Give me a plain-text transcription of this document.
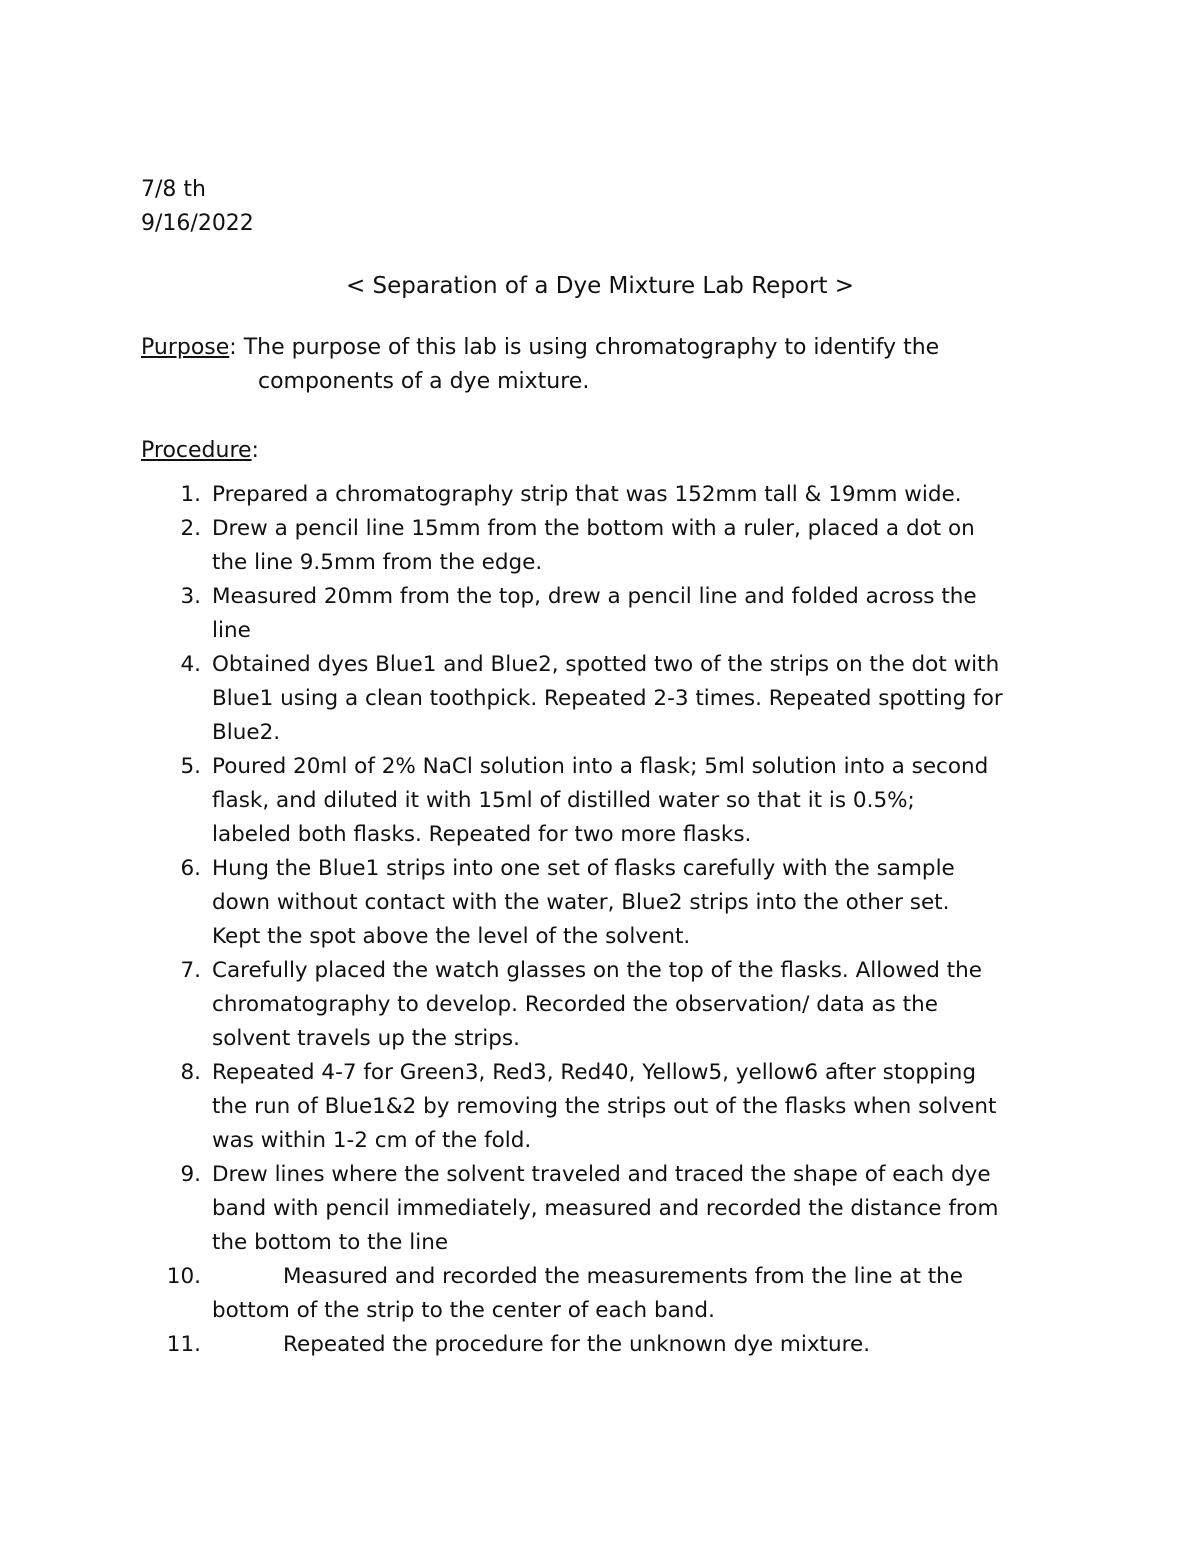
7/8 th
9/16/2022
< Separation of a Dye Mixture Lab Report >
Purpose: The purpose of this lab is using chromatography to identify the
components of a dye mixture.
Procedure:
1. Prepared a chromatography strip that was 152mm tall & 19mm wide.
2. Drew a pencil line 15mm from the bottom with a ruler, placed a dot on
the line 9.5mm from the edge.
3. Measured 20mm from the top, drew a pencil line and folded across the
line
4. Obtained dyes Blue1 and Blue2, spotted two of the strips on the dot with
Blue1 using a clean toothpick. Repeated 2-3 times. Repeated spotting for
Blue2.
5. Poured 20ml of 2% NaCl solution into a flask; 5ml solution into a second
flask, and diluted it with 15ml of distilled water so that it is 0.5%;
labeled both flasks. Repeated for two more flasks.
6. Hung the Blue1 strips into one set of flasks carefully with the sample
down without contact with the water, Blue2 strips into the other set.
Kept the spot above the level of the solvent.
7. Carefully placed the watch glasses on the top of the flasks. Allowed the
chromatography to develop. Recorded the observation/ data as the
solvent travels up the strips.
8. Repeated 4-7 for Green3, Red3, Red40, Yellow5, yellow6 after stopping
the run of Blue1&2 by removing the strips out of the flasks when solvent
was within 1-2 cm of the fold.
9. Drew lines where the solvent traveled and traced the shape of each dye
band with pencil immediately, measured and recorded the distance from
the bottom to the line
10.	Measured and recorded the measurements from the line at the
bottom of the strip to the center of each band.
11.	Repeated the procedure for the unknown dye mixture.
